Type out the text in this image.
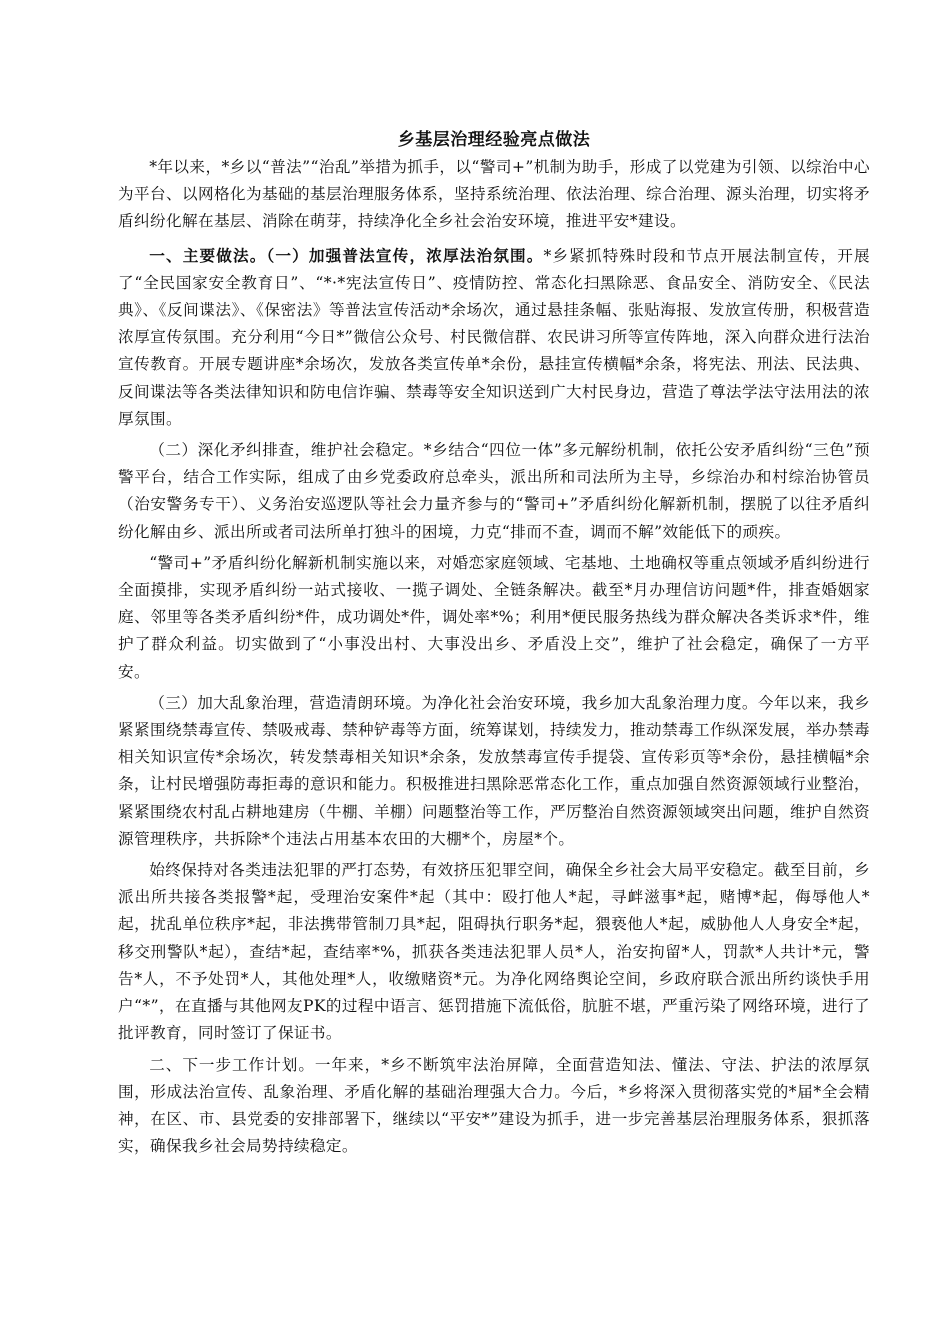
乡基层治理经验亮点做法

*年以来，*乡以“普法”“治乱”举措为抓手，以“警司+”机制为助手，形成了以党建为引领、以综治中心为平台、以网格化为基础的基层治理服务体系，坚持系统治理、依法治理、综合治理、源头治理，切实将矛盾纠纷化解在基层、消除在萌芽，持续净化全乡社会治安环境，推进平安*建设。

一、主要做法。（一）加强普法宣传，浓厚法治氛围。*乡紧抓特殊时段和节点开展法制宣传，开展了“全民国家安全教育日”、“*·*宪法宣传日”、疫情防控、常态化扫黑除恶、食品安全、消防安全、《民法典》、《反间谍法》、《保密法》等普法宣传活动*余场次，通过悬挂条幅、张贴海报、发放宣传册，积极营造浓厚宣传氛围。充分利用“今日*”微信公众号、村民微信群、农民讲习所等宣传阵地，深入向群众进行法治宣传教育。开展专题讲座*余场次，发放各类宣传单*余份，悬挂宣传横幅*余条，将宪法、刑法、民法典、反间谍法等各类法律知识和防电信诈骗、禁毒等安全知识送到广大村民身边，营造了尊法学法守法用法的浓厚氛围。

（二）深化矛纠排查，维护社会稳定。*乡结合“四位一体”多元解纷机制，依托公安矛盾纠纷“三色”预警平台，结合工作实际，组成了由乡党委政府总牵头，派出所和司法所为主导，乡综治办和村综治协管员（治安警务专干）、义务治安巡逻队等社会力量齐参与的“警司+”矛盾纠纷化解新机制，摆脱了以往矛盾纠纷化解由乡、派出所或者司法所单打独斗的困境，力克“排而不查，调而不解”效能低下的顽疾。

“警司+”矛盾纠纷化解新机制实施以来，对婚恋家庭领域、宅基地、土地确权等重点领域矛盾纠纷进行全面摸排，实现矛盾纠纷一站式接收、一揽子调处、全链条解决。截至*月办理信访问题*件，排查婚姻家庭、邻里等各类矛盾纠纷*件，成功调处*件，调处率*%；利用*便民服务热线为群众解决各类诉求*件，维护了群众利益。切实做到了“小事没出村、大事没出乡、矛盾没上交”，维护了社会稳定，确保了一方平安。

（三）加大乱象治理，营造清朗环境。为净化社会治安环境，我乡加大乱象治理力度。今年以来，我乡紧紧围绕禁毒宣传、禁吸戒毒、禁种铲毒等方面，统筹谋划，持续发力，推动禁毒工作纵深发展，举办禁毒相关知识宣传*余场次，转发禁毒相关知识*余条，发放禁毒宣传手提袋、宣传彩页等*余份，悬挂横幅*余条，让村民增强防毒拒毒的意识和能力。积极推进扫黑除恶常态化工作，重点加强自然资源领域行业整治，紧紧围绕农村乱占耕地建房（牛棚、羊棚）问题整治等工作，严厉整治自然资源领域突出问题，维护自然资源管理秩序，共拆除*个违法占用基本农田的大棚*个，房屋*个。

始终保持对各类违法犯罪的严打态势，有效挤压犯罪空间，确保全乡社会大局平安稳定。截至目前，乡派出所共接各类报警*起，受理治安案件*起（其中：殴打他人*起，寻衅滋事*起，赌博*起，侮辱他人*起，扰乱单位秩序*起，非法携带管制刀具*起，阻碍执行职务*起，猥亵他人*起，威胁他人人身安全*起，移交刑警队*起），查结*起，查结率*%，抓获各类违法犯罪人员*人，治安拘留*人，罚款*人共计*元，警告*人，不予处罚*人，其他处理*人，收缴赌资*元。为净化网络舆论空间，乡政府联合派出所约谈快手用户“*”，在直播与其他网友PK的过程中语言、惩罚措施下流低俗，肮脏不堪，严重污染了网络环境，进行了批评教育，同时签订了保证书。

二、下一步工作计划。一年来，*乡不断筑牢法治屏障，全面营造知法、懂法、守法、护法的浓厚氛围，形成法治宣传、乱象治理、矛盾化解的基础治理强大合力。今后，*乡将深入贯彻落实党的*届*全会精神，在区、市、县党委的安排部署下，继续以“平安*”建设为抓手，进一步完善基层治理服务体系，狠抓落实，确保我乡社会局势持续稳定。
